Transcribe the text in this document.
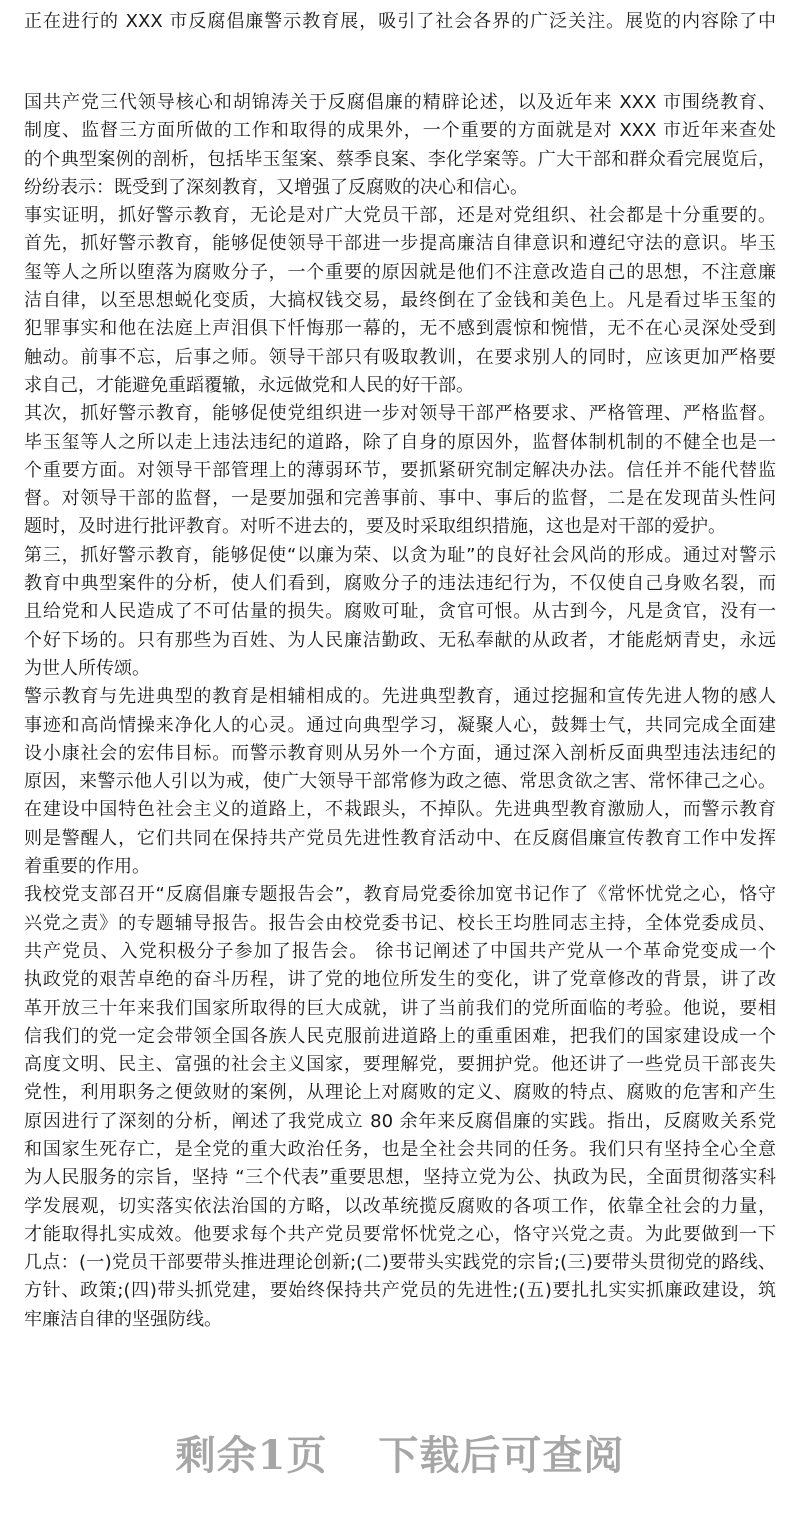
正在进行的 XXX 市反腐倡廉警示教育展，吸引了社会各界的广泛关注。展览的内容除了中
国共产党三代领导核心和胡锦涛关于反腐倡廉的精辟论述，以及近年来 XXX 市围绕教育、
制度、监督三方面所做的工作和取得的成果外，一个重要的方面就是对 XXX 市近年来查处
的个典型案例的剖析，包括毕玉玺案、蔡季良案、李化学案等。广大干部和群众看完展览后，
纷纷表示：既受到了深刻教育，又增强了反腐败的决心和信心。
事实证明，抓好警示教育，无论是对广大党员干部，还是对党组织、社会都是十分重要的。
首先，抓好警示教育，能够促使领导干部进一步提高廉洁自律意识和遵纪守法的意识。毕玉
玺等人之所以堕落为腐败分子，一个重要的原因就是他们不注意改造自己的思想，不注意廉
洁自律，以至思想蜕化变质，大搞权钱交易，最终倒在了金钱和美色上。凡是看过毕玉玺的
犯罪事实和他在法庭上声泪俱下忏悔那一幕的，无不感到震惊和惋惜，无不在心灵深处受到
触动。前事不忘，后事之师。领导干部只有吸取教训，在要求别人的同时，应该更加严格要
求自己，才能避免重蹈覆辙，永远做党和人民的好干部。
其次，抓好警示教育，能够促使党组织进一步对领导干部严格要求、严格管理、严格监督。
毕玉玺等人之所以走上违法违纪的道路，除了自身的原因外，监督体制机制的不健全也是一
个重要方面。对领导干部管理上的薄弱环节，要抓紧研究制定解决办法。信任并不能代替监
督。对领导干部的监督，一是要加强和完善事前、事中、事后的监督，二是在发现苗头性问
题时，及时进行批评教育。对听不进去的，要及时采取组织措施，这也是对干部的爱护。
第三，抓好警示教育，能够促使“以廉为荣、以贪为耻”的良好社会风尚的形成。通过对警示
教育中典型案件的分析，使人们看到，腐败分子的违法违纪行为，不仅使自己身败名裂，而
且给党和人民造成了不可估量的损失。腐败可耻，贪官可恨。从古到今，凡是贪官，没有一
个好下场的。只有那些为百姓、为人民廉洁勤政、无私奉献的从政者，才能彪炳青史，永远
为世人所传颂。
警示教育与先进典型的教育是相辅相成的。先进典型教育，通过挖掘和宣传先进人物的感人
事迹和高尚情操来净化人的心灵。通过向典型学习，凝聚人心，鼓舞士气，共同完成全面建
设小康社会的宏伟目标。而警示教育则从另外一个方面，通过深入剖析反面典型违法违纪的
原因，来警示他人引以为戒，使广大领导干部常修为政之德、常思贪欲之害、常怀律己之心。
在建设中国特色社会主义的道路上，不栽跟头，不掉队。先进典型教育激励人，而警示教育
则是警醒人，它们共同在保持共产党员先进性教育活动中、在反腐倡廉宣传教育工作中发挥
着重要的作用。
我校党支部召开“反腐倡廉专题报告会”，教育局党委徐加宽书记作了《常怀忧党之心，恪守
兴党之责》的专题辅导报告。报告会由校党委书记、校长王均胜同志主持，全体党委成员、
共产党员、入党积极分子参加了报告会。 徐书记阐述了中国共产党从一个革命党变成一个
执政党的艰苦卓绝的奋斗历程，讲了党的地位所发生的变化，讲了党章修改的背景，讲了改
革开放三十年来我们国家所取得的巨大成就，讲了当前我们的党所面临的考验。他说，要相
信我们的党一定会带领全国各族人民克服前进道路上的重重困难，把我们的国家建设成一个
高度文明、民主、富强的社会主义国家，要理解党，要拥护党。他还讲了一些党员干部丧失
党性，利用职务之便敛财的案例，从理论上对腐败的定义、腐败的特点、腐败的危害和产生
原因进行了深刻的分析，阐述了我党成立 80 余年来反腐倡廉的实践。指出，反腐败关系党
和国家生死存亡，是全党的重大政治任务，也是全社会共同的任务。我们只有坚持全心全意
为人民服务的宗旨，坚持 “三个代表”重要思想，坚持立党为公、执政为民，全面贯彻落实科
学发展观，切实落实依法治国的方略，以改革统揽反腐败的各项工作，依靠全社会的力量，
才能取得扎实成效。他要求每个共产党员要常怀忧党之心，恪守兴党之责。为此要做到一下
几点：(一)党员干部要带头推进理论创新;(二)要带头实践党的宗旨;(三)要带头贯彻党的路线、
方针、政策;(四)带头抓党建，要始终保持共产党员的先进性;(五)要扎扎实实抓廉政建设，筑
牢廉洁自律的坚强防线。
剩余1页 下载后可查阅
